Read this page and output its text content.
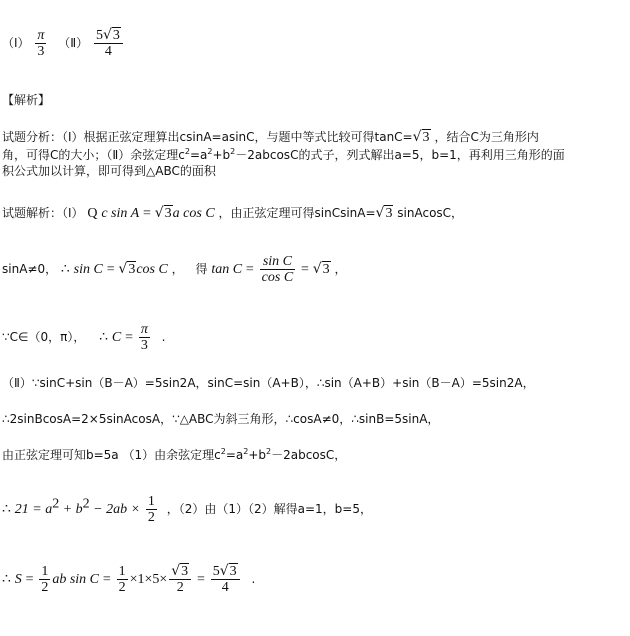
（Ⅰ） $\frac{\pi}{3}$ （Ⅱ） $\frac{5√3}{4}$
【解析】
试题分析：（Ⅰ）根据正弦定理算出csinA=asinC，与题中等式比较可得tanC=√3 ，结合C为三角形内
角，可得C的大小；（Ⅱ）余弦定理$c^2=a^2+b^2-2abcosC$的式子，列式解出a=5，b=1，再利用三角形的面
积公式加以计算，即可得到△ABC的面积
试题解析：（Ⅰ） Q c sin A = √3a cos C ，由正弦定理可得sinCsinA=√3 sinAcosC，
sinA≠0， ∴ sin C = √3cos C ， 得 $\tan C = \frac{\text{sin C}}{\text{cos C}} = √3$ ，
∵C∈（0，π）， ∴ $C = \frac{\pi}{3}$ .
（Ⅱ）∵sinC+sin（B－A）=5sin2A，sinC=sin（A+B），∴sin（A+B）+sin（B－A）=5sin2A，
∴2sinBcosA=2×5sinAcosA，∵△ABC为斜三角形，∴cosA≠0，∴sinB=5sinA，
由正弦定理可知b=5a （1）由余弦定理$c^2=a^2+b^2-2abcosC$，
∴ $21 = a^2 + b^2 - 2ab \times \frac{1}{2}$ ，（2）由（1）（2）解得a=1，b=5，
∴ $S = \frac{1}{2}$ ab $\sin C = \frac{1}{2} \times 1\times 5\times \frac{√3}{2} = \frac{5√3}{4}$ .
